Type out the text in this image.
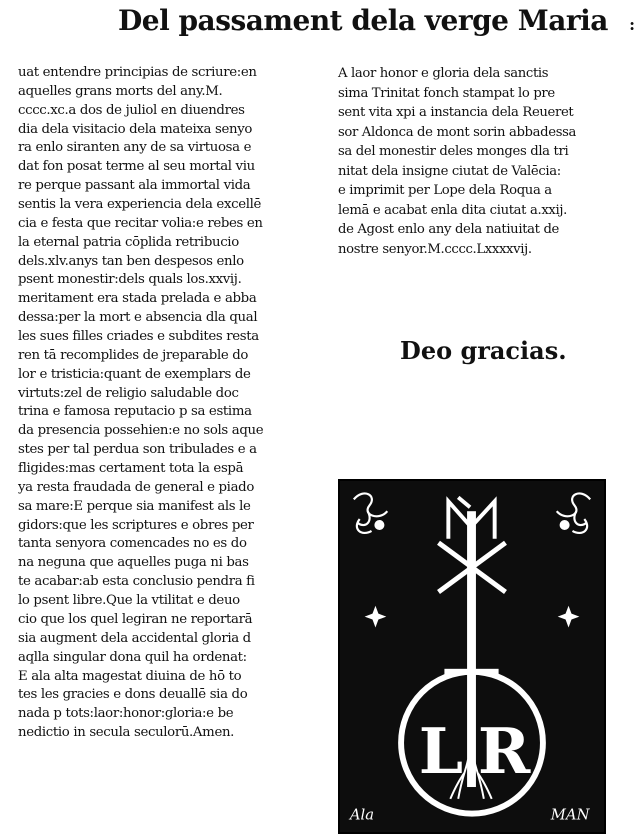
Del passament dela verge Maria :
uat entendre principias de scriure:en
aquelles grans morts del any.M.
cccc.xc.a dos de juliol en diuendres
dia dela visitacio dela mateixa senyo
ra enlo siranten any de sa virtuosa e
dat fon posat terme al seu mortal viu
re perque passant ala immortal vida
sentis la vera experiencia dela excellē
cia e festa que recitar volia:e rebes en
la eternal patria cōplida retribucio
dels.xlv.anys tan ben despesos enlo
psent monestir:dels quals los.xxvij.
meritament era stada prelada e abba
dessa:per la mort e absencia dla qual
les sues filles criades e subdites resta
ren tā recomplides de jreparable do
lor e tristicia:quant de exemplars de
virtuts:zel de religio saludable doc
trina e famosa reputacio p sa estima
da presencia possehien:e no sols aque
stes per tal perdua son tribulades e a
fligides:mas certament tota la espā
ya resta fraudada de general e piado
sa mare:E perque sia manifest als le
gidors:que les scriptures e obres per
tanta senyora comencades no es do
na neguna que aquelles puga ni bas
te acabar:ab esta conclusio pendra fi
lo psent libre.Que la vtilitat e deuo
cio que los quel legiran ne reportarā
sia augment dela accidental gloria d
aqlla singular dona quil ha ordenat:
E ala alta magestat diuina de hō to
tes les gracies e dons deuallē sia do
nada p tots:laor:honor:gloria:e be
nedictio in secula seculorū.Amen.
A laor honor e gloria dela sanctis
sima Trinitat fonch stampat lo pre
sent vita xpi a instancia dela Reueret
sor Aldonca de mont sorin abbadessa
sa del monestir deles monges dla tri
nitat dela insigne ciutat de Valēcia:
e imprimit per Lope dela Roqua a
lemā e acabat enla dita ciutat a.xxij.
de Agost enlo any dela natiuitat de
nostre senyor.M.cccc.Lxxxxvij.
Deo gracias.
L R
Ala	MAN
